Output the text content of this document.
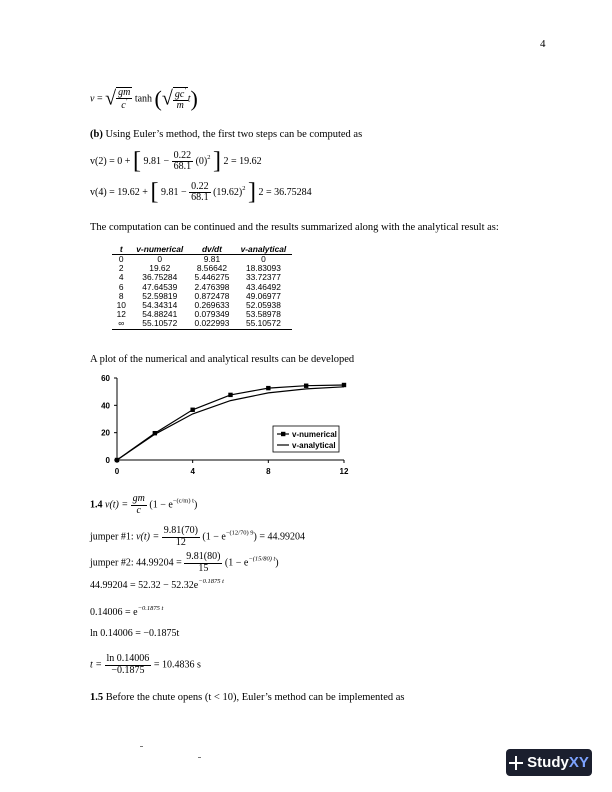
4
v = √ $\frac{gm}{c'}$ tanh (√ $\frac{gc'}{m} t$)
(b) Using Euler’s method, the first two steps can be computed as
v(2) = 0 + [ $9.81 - \frac{0.22}{68.1} (0)^2$ ] 2 = 19.62
v(4) = 19.62 + [ $9.81 - \frac{0.22}{68.1} (19.62)^2$ ] 2 = 36.75284
The computation can be continued and the results summarized along with the analytical result as:
t	v-numerical	dv/dt	v-analytical
0	0	9.81	0
2	19.62	8.56642	18.83093
4	36.75284	5.446275	33.72377
6	47.64539	2.476398	43.46492
8	52.59819	0.872478	49.06977
10	54.34314	0.269633	52.05938
12	54.88241	0.079349	53.58978
∞	55.10572	0.022993	55.10572
A plot of the numerical and analytical results can be developed
0
20
40
60
0	4	8	12
v-numerical
v-analytical
1.4 $v(t) = \frac{gm}{c} (1 - e^{-(c/m) t})$
jumper #1: $v(t) = \frac{9.81(70)}{12} (1 - e^{-(12/70) 9}) = 44.99204$
jumper #2: $44.99204 = \frac{9.81(80)}{15} (1 - e^{-(15/80) t})$
$44.99204 = 52.32 - 52.32e^{-0.1875 t}$
$0.14006 = e^{-0.1875 t}$
ln 0.14006 = −0.1875t
$t = \frac{\ln 0.14006}{-0.1875} = 10.4836$ s
1.5 Before the chute opens (t < 10), Euler’s method can be implemented as
StudyXY
